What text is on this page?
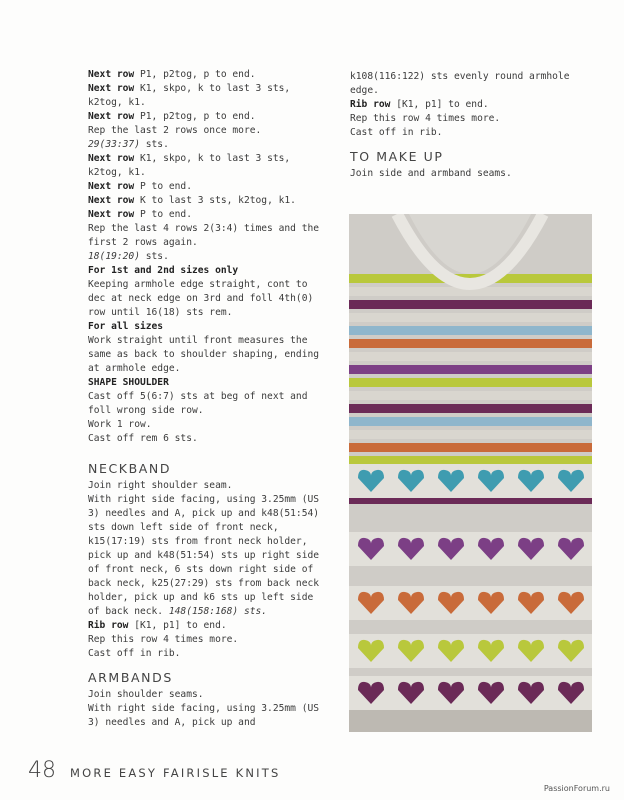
Next row P1, p2tog, p to end.

Next row K1, skpo, k to last 3 sts, k2tog, k1.

Next row P1, p2tog, p to end.

Rep the last 2 rows once more.

29(33:37) sts.

Next row K1, skpo, k to last 3 sts, k2tog, k1.

Next row P to end.

Next row K to last 3 sts, k2tog, k1.

Next row P to end.

Rep the last 4 rows 2(3:4) times and the first 2 rows again.

18(19:20) sts.

For 1st and 2nd sizes only

Keeping armhole edge straight, cont to dec at neck edge on 3rd and foll 4th(0) row until 16(18) sts rem.

For all sizes

Work straight until front measures the same as back to shoulder shaping, ending at armhole edge.

SHAPE SHOULDER

Cast off 5(6:7) sts at beg of next and foll wrong side row.

Work 1 row.

Cast off rem 6 sts.

NECKBAND

Join right shoulder seam.

With right side facing, using 3.25mm (US 3) needles and A, pick up and k48(51:54) sts down left side of front neck, k15(17:19) sts from front neck holder, pick up and k48(51:54) sts up right side of front neck, 6 sts down right side of back neck, k25(27:29) sts from back neck holder, pick up and k6 sts up left side of back neck. 148(158:168) sts.

Rib row [K1, p1] to end.

Rep this row 4 times more.

Cast off in rib.

ARMBANDS

Join shoulder seams.

With right side facing, using 3.25mm (US 3) needles and A, pick up and

k108(116:122) sts evenly round armhole edge.

Rib row [K1, p1] to end.

Rep this row 4 times more.

Cast off in rib.

TO MAKE UP

Join side and armband seams.

48 MORE EASY FAIRISLE KNITS
PassionForum.ru
